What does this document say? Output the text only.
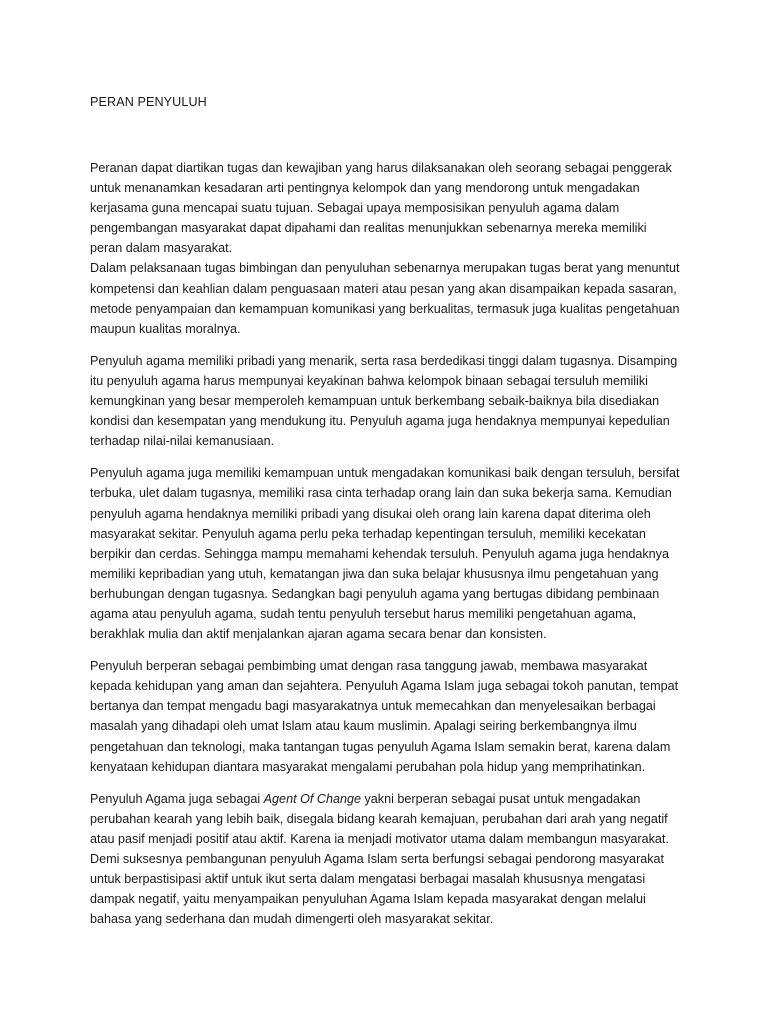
PERAN PENYULUH

Peranan dapat diartikan tugas dan kewajiban yang harus dilaksanakan oleh seorang sebagai penggerak untuk menanamkan kesadaran arti pentingnya kelompok dan yang mendorong untuk mengadakan kerjasama guna mencapai suatu tujuan. Sebagai upaya memposisikan penyuluh agama dalam pengembangan masyarakat dapat dipahami dan realitas menunjukkan sebenarnya mereka memiliki peran dalam masyarakat.

Dalam pelaksanaan tugas bimbingan dan penyuluhan sebenarnya merupakan tugas berat yang menuntut kompetensi dan keahlian dalam penguasaan materi atau pesan yang akan disampaikan kepada sasaran, metode penyampaian dan kemampuan komunikasi yang berkualitas, termasuk juga kualitas pengetahuan maupun kualitas moralnya.

Penyuluh agama memiliki pribadi yang menarik, serta rasa berdedikasi tinggi dalam tugasnya. Disamping itu penyuluh agama harus mempunyai keyakinan bahwa kelompok binaan sebagai tersuluh memiliki kemungkinan yang besar memperoleh kemampuan untuk berkembang sebaik-baiknya bila disediakan kondisi dan kesempatan yang mendukung itu. Penyuluh agama juga hendaknya mempunyai kepedulian terhadap nilai-nilai kemanusiaan.

Penyuluh agama juga memiliki kemampuan untuk mengadakan komunikasi baik dengan tersuluh, bersifat terbuka, ulet dalam tugasnya, memiliki rasa cinta terhadap orang lain dan suka bekerja sama. Kemudian penyuluh agama hendaknya memiliki pribadi yang disukai oleh orang lain karena dapat diterima oleh masyarakat sekitar. Penyuluh agama perlu peka terhadap kepentingan tersuluh, memiliki kecekatan berpikir dan cerdas. Sehingga mampu memahami kehendak tersuluh. Penyuluh agama juga hendaknya memiliki kepribadian yang utuh, kematangan jiwa dan suka belajar khususnya ilmu pengetahuan yang berhubungan dengan tugasnya. Sedangkan bagi penyuluh agama yang bertugas dibidang pembinaan agama atau penyuluh agama, sudah tentu penyuluh tersebut harus memiliki pengetahuan agama, berakhlak mulia dan aktif menjalankan ajaran agama secara benar dan konsisten.

Penyuluh berperan sebagai pembimbing umat dengan rasa tanggung jawab, membawa masyarakat kepada kehidupan yang aman dan sejahtera. Penyuluh Agama Islam juga sebagai tokoh panutan, tempat bertanya dan tempat mengadu bagi masyarakatnya untuk memecahkan dan menyelesaikan berbagai masalah yang dihadapi oleh umat Islam atau kaum muslimin. Apalagi seiring berkembangnya ilmu pengetahuan dan teknologi, maka tantangan tugas penyuluh Agama Islam semakin berat, karena dalam kenyataan kehidupan diantara masyarakat mengalami perubahan pola hidup yang memprihatinkan.

Penyuluh Agama juga sebagai Agent Of Change yakni berperan sebagai pusat untuk mengadakan perubahan kearah yang lebih baik, disegala bidang kearah kemajuan, perubahan dari arah yang negatif atau pasif menjadi positif atau aktif. Karena ia menjadi motivator utama dalam membangun masyarakat. Demi suksesnya pembangunan penyuluh Agama Islam serta berfungsi sebagai pendorong masyarakat untuk berpastisipasi aktif untuk ikut serta dalam mengatasi berbagai masalah khususnya mengatasi dampak negatif, yaitu menyampaikan penyuluhan Agama Islam kepada masyarakat dengan melalui bahasa yang sederhana dan mudah dimengerti oleh masyarakat sekitar.
